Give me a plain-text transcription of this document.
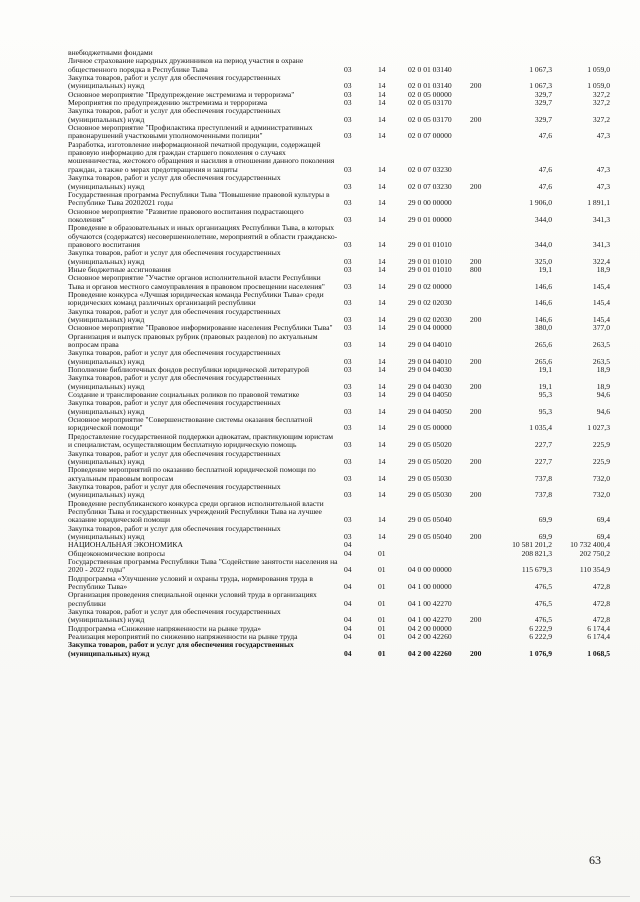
внебюджетными фондами
Личное страхование народных дружинников на период участия в охране общественного порядка в Республике Тыва	03	14	02 0 01 03140	1 067,3	1 059,0
Закупка товаров, работ и услуг для обеспечения государственных (муниципальных) нужд	03	14	02 0 01 03140	200	1 067,3	1 059,0
Основное мероприятие "Предупреждение экстремизма и терроризма"	03	14	02 0 05 00000	329,7	327,2
Мероприятия по предупреждению экстремизма и терроризма	03	14	02 0 05 03170	329,7	327,2
Закупка товаров, работ и услуг для обеспечения государственных (муниципальных) нужд	03	14	02 0 05 03170	200	329,7	327,2
Основное мероприятие "Профилактика преступлений и административных правонарушений участковыми уполномоченными полиции"	03	14	02 0 07 00000	47,6	47,3
Разработка, изготовление информационной печатной продукции, содержащей правовую информацию для граждан старшего поколения о случаях мошенничества, жестокого обращения и насилия в отношении данного поколения граждан, а также о мерах предотвращения и защиты	03	14	02 0 07 03230	47,6	47,3
Закупка товаров, работ и услуг для обеспечения государственных (муниципальных) нужд	03	14	02 0 07 03230	200	47,6	47,3
Государственная программа Республики Тыва "Повышение правовой культуры в Республике Тыва 20202021 годы	03	14	29 0 00 00000	1 906,0	1 891,1
Основное мероприятие "Развитие правового воспитания подрастающего поколения"	03	14	29 0 01 00000	344,0	341,3
Проведение в образовательных и иных организациях Республики Тыва, в которых обучаются (содержатся) несовершеннолетние, мероприятий в области гражданско-правового воспитания	03	14	29 0 01 01010	344,0	341,3
Закупка товаров, работ и услуг для обеспечения государственных (муниципальных) нужд	03	14	29 0 01 01010	200	325,0	322,4
Иные бюджетные ассигнования	03	14	29 0 01 01010	800	19,1	18,9
Основное мероприятие "Участие органов исполнительной власти Республики Тыва и органов местного самоуправления в правовом просвещении населения"	03	14	29 0 02 00000	146,6	145,4
Проведение конкурса «Лучшая юридическая команда Республики Тыва» среди юридических команд различных организаций республики	03	14	29 0 02 02030	146,6	145,4
Закупка товаров, работ и услуг для обеспечения государственных (муниципальных) нужд	03	14	29 0 02 02030	200	146,6	145,4
Основное мероприятие "Правовое информирование населения Республики Тыва"	03	14	29 0 04 00000	380,0	377,0
Организация и выпуск правовых рубрик (правовых разделов) по актуальным вопросам права	03	14	29 0 04 04010	265,6	263,5
Закупка товаров, работ и услуг для обеспечения государственных (муниципальных) нужд	03	14	29 0 04 04010	200	265,6	263,5
Пополнение библиотечных фондов республики юридической литературой	03	14	29 0 04 04030	19,1	18,9
Закупка товаров, работ и услуг для обеспечения государственных (муниципальных) нужд	03	14	29 0 04 04030	200	19,1	18,9
Создание и транслирование социальных роликов по правовой тематике	03	14	29 0 04 04050	95,3	94,6
Закупка товаров, работ и услуг для обеспечения государственных (муниципальных) нужд	03	14	29 0 04 04050	200	95,3	94,6
Основное мероприятие "Совершенствование системы оказания бесплатной юридической помощи"	03	14	29 0 05 00000	1 035,4	1 027,3
Предоставление государственной поддержки адвокатам, практикующим юристам и специалистам, осуществляющим бесплатную юридическую помощь	03	14	29 0 05 05020	227,7	225,9
Закупка товаров, работ и услуг для обеспечения государственных (муниципальных) нужд	03	14	29 0 05 05020	200	227,7	225,9
Проведение мероприятий по оказанию бесплатной юридической помощи по актуальным правовым вопросам	03	14	29 0 05 05030	737,8	732,0
Закупка товаров, работ и услуг для обеспечения государственных (муниципальных) нужд	03	14	29 0 05 05030	200	737,8	732,0
Проведение республиканского конкурса среди органов исполнительной власти Республики Тыва и государственных учреждений Республики Тыва на лучшее оказание юридической помощи	03	14	29 0 05 05040	69,9	69,4
Закупка товаров, работ и услуг для обеспечения государственных (муниципальных) нужд	03	14	29 0 05 05040	200	69,9	69,4
НАЦИОНАЛЬНАЯ ЭКОНОМИКА	04	10 581 201,2	10 732 400,4
Общеэкономические вопросы	04	01	208 821,3	202 750,2
Государственная программа Республики Тыва "Содействие занятости населения на 2020 - 2022 годы"	04	01	04 0 00 00000	115 679,3	110 354,9
Подпрограмма «Улучшение условий и охраны труда, нормирования труда в Республике Тыва»	04	01	04 1 00 00000	476,5	472,8
Организация проведения специальной оценки условий труда в организациях республики	04	01	04 1 00 42270	476,5	472,8
Закупка товаров, работ и услуг для обеспечения государственных (муниципальных) нужд	04	01	04 1 00 42270	200	476,5	472,8
Подпрограмма «Снижение напряженности на рынке труда»	04	01	04 2 00 00000	6 222,9	6 174,4
Реализация мероприятий по снижению напряженности на рынке труда	04	01	04 2 00 42260	6 222,9	6 174,4
Закупка товаров, работ и услуг для обеспечения государственных (муниципальных) нужд	04	01	04 2 00 42260	200	1 076,9	1 068,5
63
